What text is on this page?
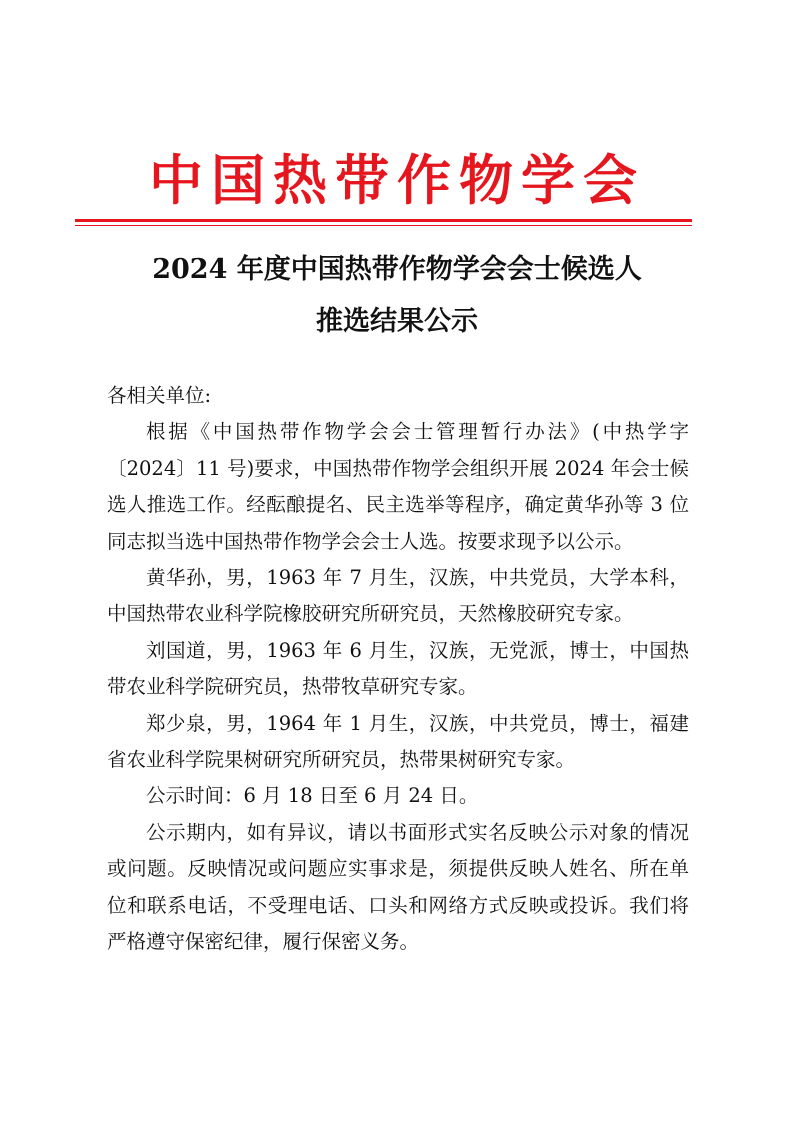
中国热带作物学会
2024 年度中国热带作物学会会士候选人
推选结果公示

各相关单位:

根据《中国热带作物学会会士管理暂行办法》(中热学字〔2024〕11 号)要求，中国热带作物学会组织开展 2024 年会士候选人推选工作。经酝酿提名、民主选举等程序，确定黄华孙等 3 位同志拟当选中国热带作物学会会士人选。按要求现予以公示。

黄华孙，男，1963 年 7 月生，汉族，中共党员，大学本科，中国热带农业科学院橡胶研究所研究员，天然橡胶研究专家。

刘国道，男，1963 年 6 月生，汉族，无党派，博士，中国热带农业科学院研究员，热带牧草研究专家。

郑少泉，男，1964 年 1 月生，汉族，中共党员，博士，福建省农业科学院果树研究所研究员，热带果树研究专家。

公示时间：6 月 18 日至 6 月 24 日。

公示期内，如有异议，请以书面形式实名反映公示对象的情况或问题。反映情况或问题应实事求是，须提供反映人姓名、所在单位和联系电话，不受理电话、口头和网络方式反映或投诉。我们将严格遵守保密纪律，履行保密义务。
